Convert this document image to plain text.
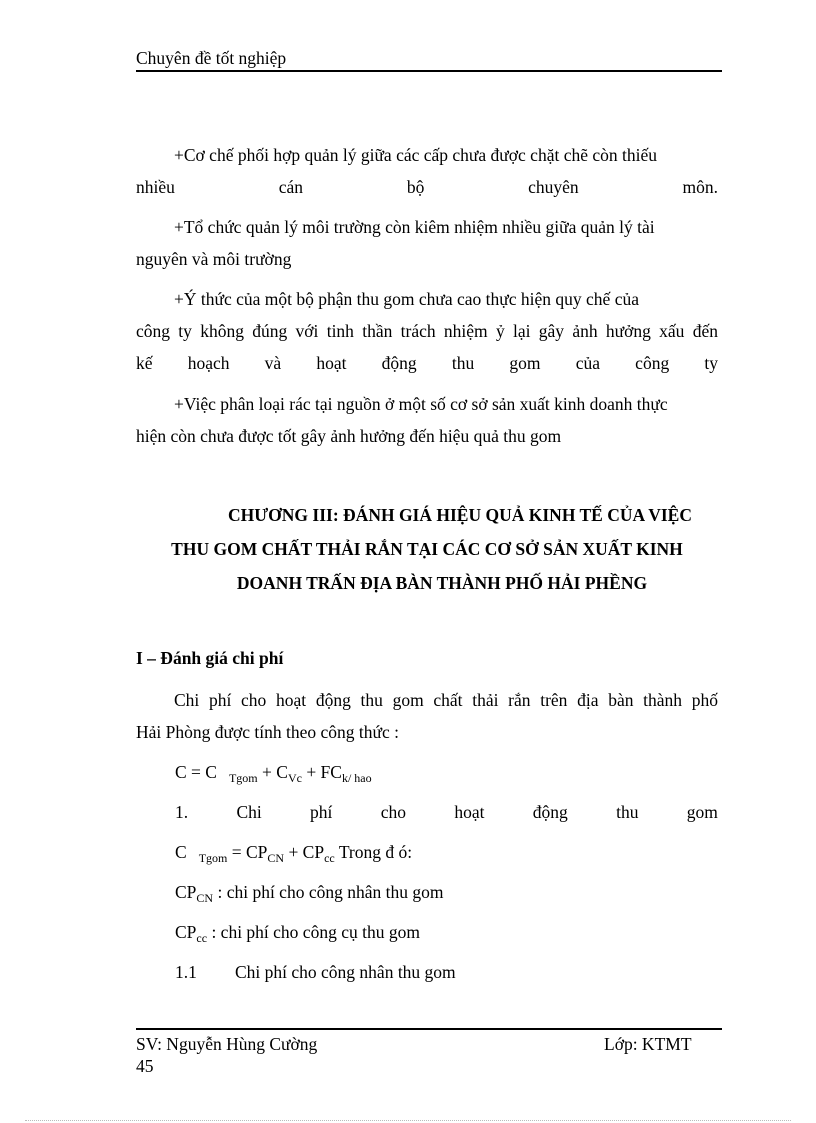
Chuyên đề tốt nghiệp
+Cơ chế phối hợp quản lý giữa các cấp chưa được chặt chẽ còn thiếu
nhiều cán bộ chuyên môn.
+Tổ chức quản lý môi trường còn kiêm nhiệm nhiều giữa quản lý tài
nguyên và môi trường
+Ý thức của một bộ phận thu gom chưa cao thực hiện quy chế của
công ty không đúng với tinh thần trách nhiệm ỷ lại gây ảnh hưởng xấu đến
kế hoạch và hoạt động thu gom của công ty
+Việc phân loại rác tại nguồn ở một số cơ sở sản xuất kinh doanh thực
hiện còn chưa được tốt gây ảnh hưởng đến hiệu quả thu gom
CHƯƠNG III: ĐÁNH GIÁ HIỆU QUẢ KINH TẾ CỦA VIỆC
THU GOM CHẤT THẢI RẮN TẠI CÁC CƠ SỞ SẢN XUẤT KINH
DOANH TRẤN ĐỊA BÀN THÀNH PHỐ HẢI PHỀNG
I – Đánh giá chi phí
Chi phí cho hoạt động thu gom chất thải rắn trên địa bàn thành phố
Hải Phòng được tính theo công thức :
C = C $_{Tgom} + C_{Vc} + FC_{k/ hao}$
1.	Chi	phí	cho	hoạt	động	thu	gom
C $_{Tgom} = CP_{CN} + CP_{cc}$ Trong đ ó:
$CP_{CN}$ : chi phí cho công nhân thu gom
$CP_{cc}$ : chi phí cho công cụ thu gom
1.1 Chi phí cho công nhân thu gom
SV: Nguyễn Hùng Cường	Lớp: KTMT
45
